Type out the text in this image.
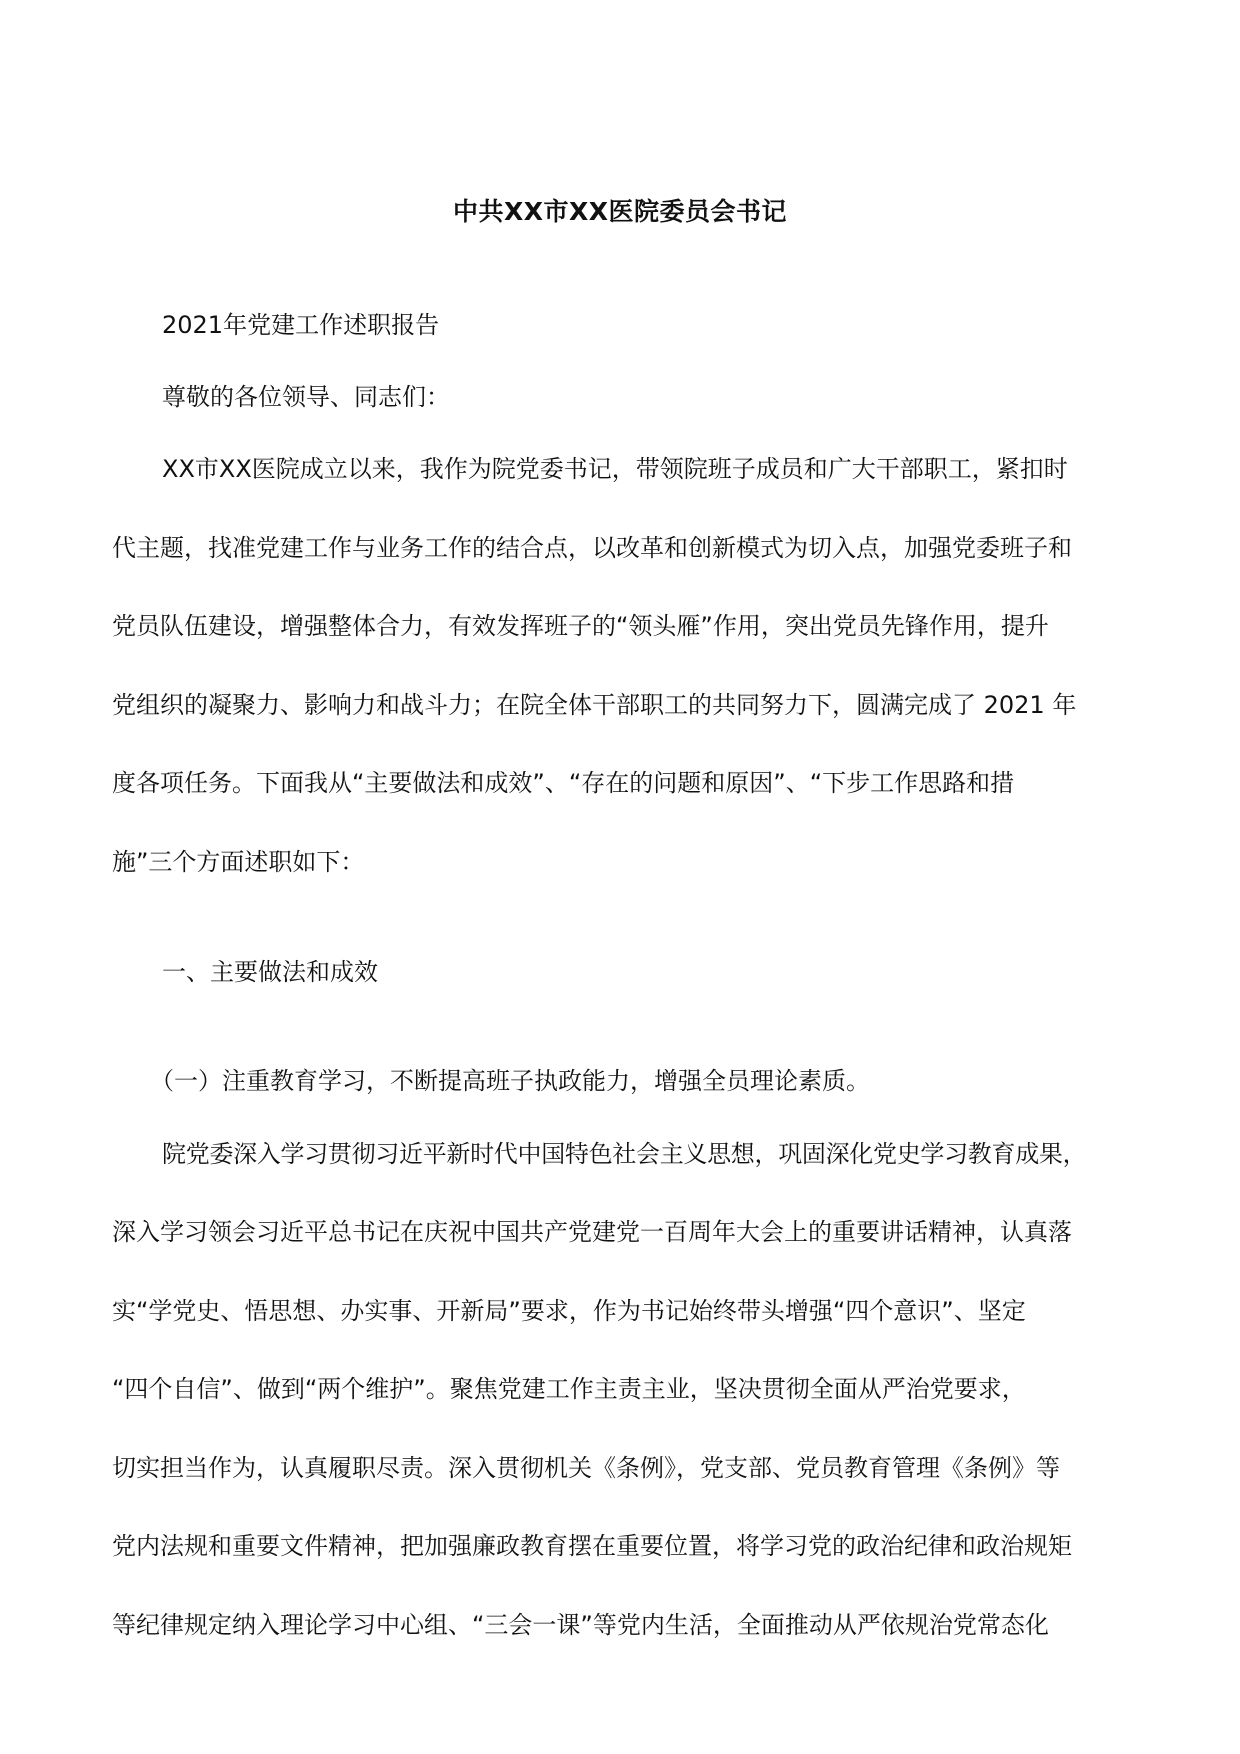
中共XX市XX医院委员会书记
2021年党建工作述职报告
尊敬的各位领导、同志们：
XX市XX医院成立以来，我作为院党委书记，带领院班子成员和广大干部职工，紧扣时
代主题，找准党建工作与业务工作的结合点，以改革和创新模式为切入点，加强党委班子和
党员队伍建设，增强整体合力，有效发挥班子的“领头雁”作用，突出党员先锋作用，提升
党组织的凝聚力、影响力和战斗力；在院全体干部职工的共同努力下，圆满完成了 2021 年
度各项任务。下面我从“主要做法和成效”、“存在的问题和原因”、“下步工作思路和措
施”三个方面述职如下：
一、主要做法和成效
（一）注重教育学习，不断提高班子执政能力，增强全员理论素质。
院党委深入学习贯彻习近平新时代中国特色社会主义思想，巩固深化党史学习教育成果，
深入学习领会习近平总书记在庆祝中国共产党建党一百周年大会上的重要讲话精神，认真落
实“学党史、悟思想、办实事、开新局”要求，作为书记始终带头增强“四个意识”、坚定
“四个自信”、做到“两个维护”。聚焦党建工作主责主业，坚决贯彻全面从严治党要求，
切实担当作为，认真履职尽责。深入贯彻机关《条例》，党支部、党员教育管理《条例》等
党内法规和重要文件精神，把加强廉政教育摆在重要位置，将学习党的政治纪律和政治规矩
等纪律规定纳入理论学习中心组、“三会一课”等党内生活，全面推动从严依规治党常态化
